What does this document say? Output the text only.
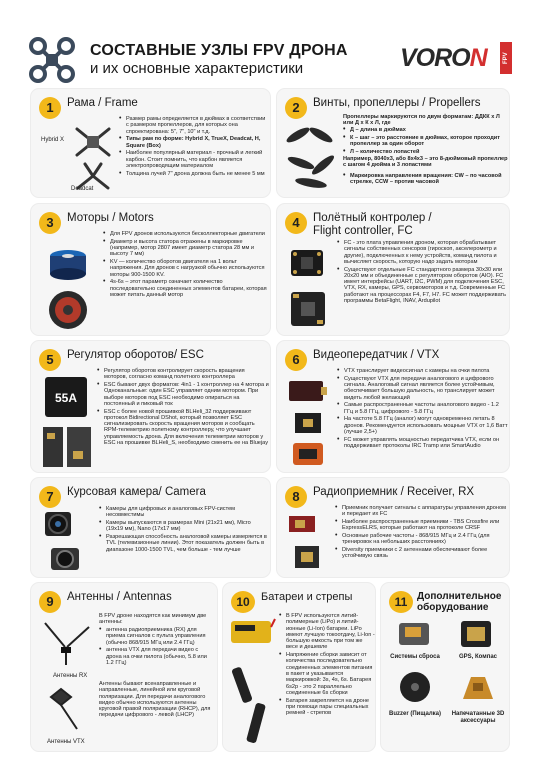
СОСТАВНЫЕ УЗЛЫ FPV ДРОНА
и их основные характеристики	VORON	FPV
1	Рама / Frame
Hybrid X
Deadcat
• Размер рамы определяется в дюймах в соответствии с размером пропеллеров, для которых она спроектирована: 5", 7", 10" и т.д.
• Типы рам по форме: Hybrid X, TrueX, Deadcat, H, Square (Box)
• Наиболее популярный материал - прочный и легкий карбон. Стоит помнить, что карбон является электропроводящим материалом
• Толщина лучей 7" дрона должна быть не менее 5 мм
2	Винты, пропеллеры / Propellers
Пропеллеры маркируются по двум форматам: ДДКК x Л или Д x К x Л, где
• Д – длина в дюймах
• К – шаг – это расстояние в дюймах, которое проходит пропеллер за один оборот
• Л – количество лопастей
Например, 8040x3, або 8x4x3 – это 8-дюймовый пропеллер с шагом 4 дюйма и 3 лопастями
• Маркировка направления вращения: CW – по часовой стрелке, CCW – против часовой
3	Моторы / Motors
• Для FPV дронов используются бесколлекторные двигатели
• Диаметр и высота статора отражены в маркировке (например, мотор 2807 имеет диаметр статора 28 мм и высоту 7 мм)
• KV — количество оборотов двигателя на 1 вольт напряжения. Для дронов с нагрузкой обычно используются моторы 900-1500 KV.
• 4s-6s – этот параметр означает количество последовательно соединенных элементов батареи, которая может питать данный мотор
4	Полётный контролер /
Flight controller, FC
• FC - это плата управления дроном, которая обрабатывает сигналы собственных сенсоров (гироскоп, акселерометр и другие), подключенных к нему устройств, команд пилота и вычисляет скорость, которую надо задать моторам
• Существуют отдельные FC стандартного размера 30x30 или 20x20 мм и объединенные с регулятором оборотов (AIO). FC имеет интерфейсы (UART, I2C, PWM) для подключения ESC, VTX, RX, камеры, GPS, сервомоторов и т.д. Современные FC работают на процессорах F4, F7, H7. FC может поддерживать программы BetaFlight, INAV, Ardupilot
5	Регулятор оборотов/ ESC
55A
• Регулятор оборотов контролирует скорость вращения моторов, согласно команд полетного контроллера
• ESC бывают двух форматов: 4in1 - 1 контроллер на 4 мотора и Одноканальные: один ESC управляет одним мотором. При выборе моторов под ESC необходимо опираться на постоянный и пиковый ток
• ESC с более новой прошивкой BLHeli_32 поддерживают протокол Bidirectional DShot, который позволяет ESC сигнализировать скорость вращения моторов и сообщать RPM-телеметрию полетному контроллеру, что улучшает управляемость дрона. Для включения телеметрии моторов у ESC на прошивке BLHeli_S, необходимо сменить ее на Bluejay
6	Видеопередатчик / VTX
• VTX транслирует видеосигнал с камеры на очки пилота
• Существуют VTX для передачи аналогового и цифрового сигнала. Аналоговый сигнал является более устойчивым, обеспечивает большую дальность, но транслирует может видеть любой желающий
• Самые распространенные частоты аналогового видео - 1.2 ГГц и 5.8 ГГц, цифрового - 5.8 ГГц
• На частоте 5.8 ГГц (аналог) могут одновременно летать 8 дронов. Рекомендуется использовать мощные VTX от 1,6 Ватт (лучше 2,5+)
• FC может управлять мощностью передатчика VTX, если он поддерживает протоколы IRC Tramp или SmartAudio
7	Курсовая камера/ Camera
• Камеры для цифровых и аналоговых FPV-систем несовместимы
• Камеры выпускаются в размерах Mini (21x21 мм), Micro (19x19 мм), Nano (17x17 мм)
• Разрешающая способность аналоговой камеры измеряется в TVL (телевизионные линии). Этот показатель должен быть в диапазоне 1000-1500 TVL, чем больше - тем лучше
8	Радиоприемник / Receiver, RX
• Приемник получает сигналы с аппаратуры управления дроном и передает их FC
• Наиболее распространенные приемники - TBS Crossfire или ExpressELRS, которые работают на протоколе CRSF
• Основные рабочие частоты - 868/915 МГц и 2.4 ГГц (для тренировок на небольших расстояниях)
• Diversity приемники с 2 антеннами обеспечивают более устойчивую связь
9	Антенны / Antennas
Антенны RX
Антенны VTX
В FPV дроне находятся как минимум две антенны:
• антенна радиоприемника (RX) для приема сигналов с пульта управления (обычно 868/915 МГц или 2.4 ГГц)
• антенна VTX для передачи видео с дрона на очки пилота (обычно, 5.8 или 1.2 ГГц)
Антенны бывают всенаправленные и направленные, линейной или круговой поляризации. Для передачи аналогового видео обычно используются антенны круговой правой поляризации (RHCP), для передачи цифрового - левой (LHCP)
10	Батареи и стрепы
• В FPV используются литий-полимерные (LiPo) и литий-ионные (Li-Ion) батареи. LiPo имеют лучшую токоотдачу, Li-Ion - большую емкость при том же весе и дешевле
• Напряжение сборки зависит от количества последовательно соединенных элементов питания в пакет и указывается маркировкой: 3s, 4s, 6s. Батарея 6s2p - это 2 параллельно соединенные 6s сборки
• Батарея закрепляется на дроне при помощи пары специальных ремней - стрепов
11 Дополнительное
оборудование
Системы сброса	GPS, Компас
Buzzer (Пищалка)	Напечатанные 3D аксессуары
